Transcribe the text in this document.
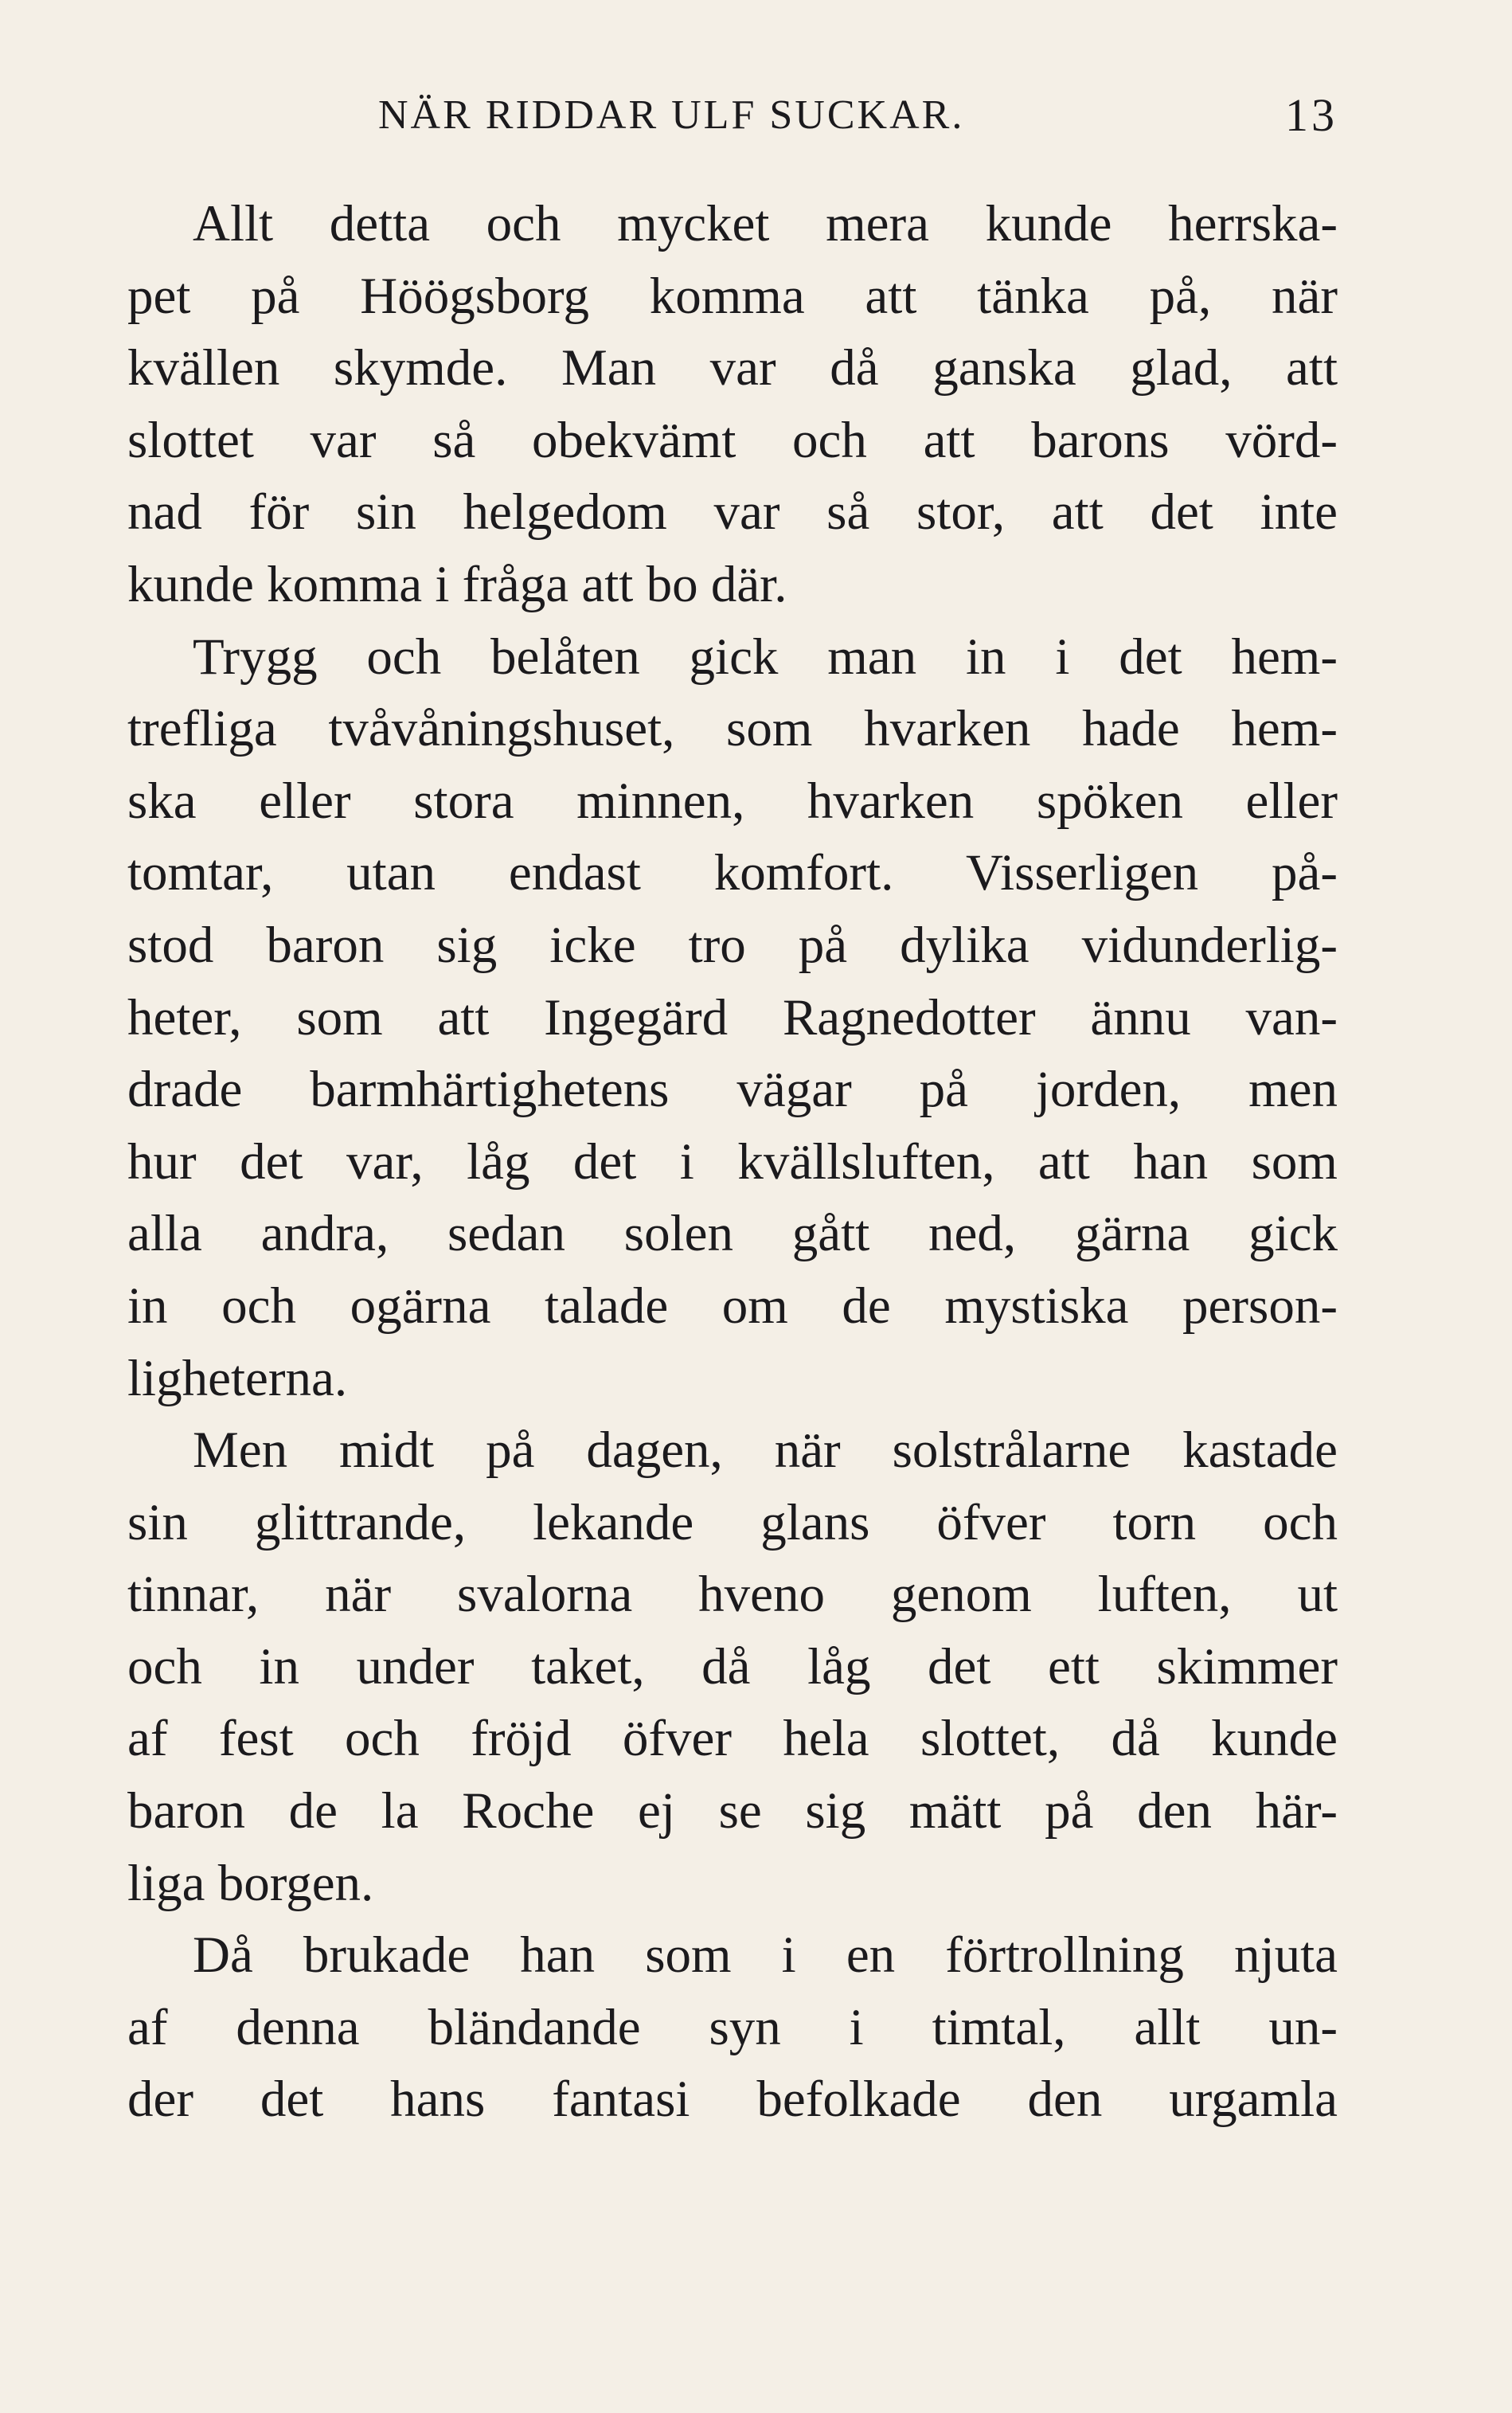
NÄR RIDDAR ULF SUCKAR.	13
Allt detta och mycket mera kunde herrska-
pet på Höögsborg komma att tänka på, när
kvällen skymde. Man var då ganska glad, att
slottet var så obekvämt och att barons vörd-
nad för sin helgedom var så stor, att det inte
kunde komma i fråga att bo där.
Trygg och belåten gick man in i det hem-
trefliga tvåvåningshuset, som hvarken hade hem-
ska eller stora minnen, hvarken spöken eller
tomtar, utan endast komfort. Visserligen på-
stod baron sig icke tro på dylika vidunderlig-
heter, som att Ingegärd Ragnedotter ännu van-
drade barmhärtighetens vägar på jorden, men
hur det var, låg det i kvällsluften, att han som
alla andra, sedan solen gått ned, gärna gick
in och ogärna talade om de mystiska person-
ligheterna.
Men midt på dagen, när solstrålarne kastade
sin glittrande, lekande glans öfver torn och
tinnar, när svalorna hveno genom luften, ut
och in under taket, då låg det ett skimmer
af fest och fröjd öfver hela slottet, då kunde
baron de la Roche ej se sig mätt på den här-
liga borgen.
Då brukade han som i en förtrollning njuta
af denna bländande syn i timtal, allt un-
der det hans fantasi befolkade den urgamla
